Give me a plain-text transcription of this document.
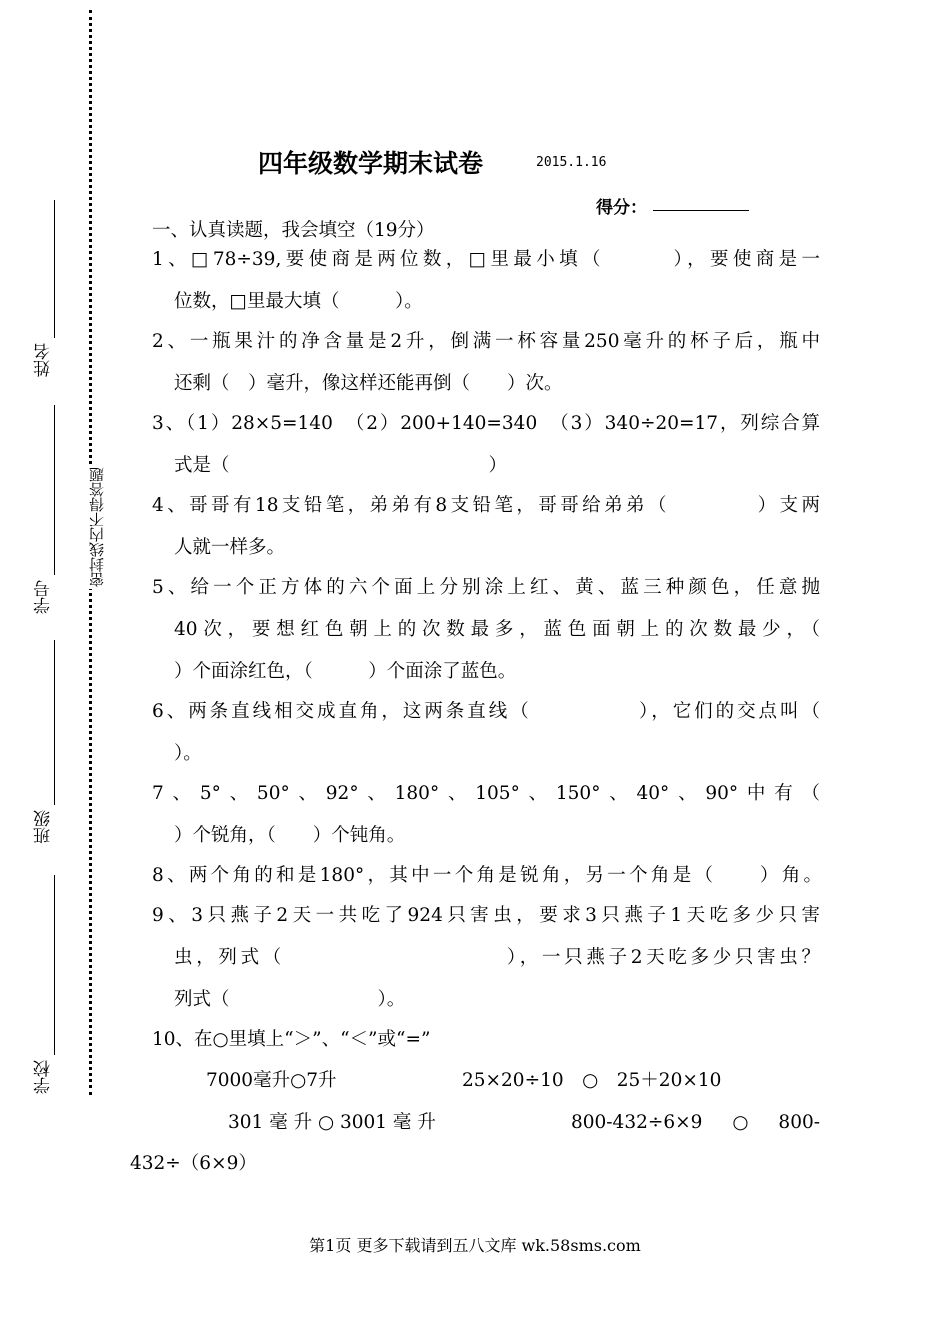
姓名
学号
班级
学校
密封线内不得答题
四年级数学期末试卷	2015.1.16
得分：
一、认真读题，我会填空（19分）
1、□78÷39,要使商是两位数，□里最小填（　　　），要使商是一
位数，□里最大填（　　　）。
2、一瓶果汁的净含量是2升，倒满一杯容量250毫升的杯子后，瓶中
还剩（　）毫升，像这样还能再倒（　　）次。
3、（1）28×5=140　（2）200+140=340　（3）340÷20=17，列综合算
式是（　　　　　　　　　　　　　　）
4、哥哥有18支铅笔，弟弟有8支铅笔，哥哥给弟弟（　　　　）支两
人就一样多。
5、给一个正方体的六个面上分别涂上红、黄、蓝三种颜色，任意抛
40次，要想红色朝上的次数最多，蓝色面朝上的次数最少，（
）个面涂红色，（　　　）个面涂了蓝色。
6、两条直线相交成直角，这两条直线（　　　　　），它们的交点叫（
）。
7、5°、50°、92°、180°、105°、150°、40°、90°中有（
）个锐角，（　　）个钝角。
8、两个角的和是180°，其中一个角是锐角，另一个角是（　　）角。
9、3只燕子2天一共吃了924只害虫，要求3只燕子1天吃多少只害
虫，列式（　　　　　　　　　　），一只燕子2天吃多少只害虫？
列式（　　　　　　　　）。
10、在○里填上“＞”、“＜”或“=”
7000毫升○7升	25×20÷10　○　25＋20×10
301 毫 升 ○ 3001 毫 升	800-432÷6×9　○　800-
432÷（6×9）
第1页 更多下载请到五八文库 wk.58sms.com
